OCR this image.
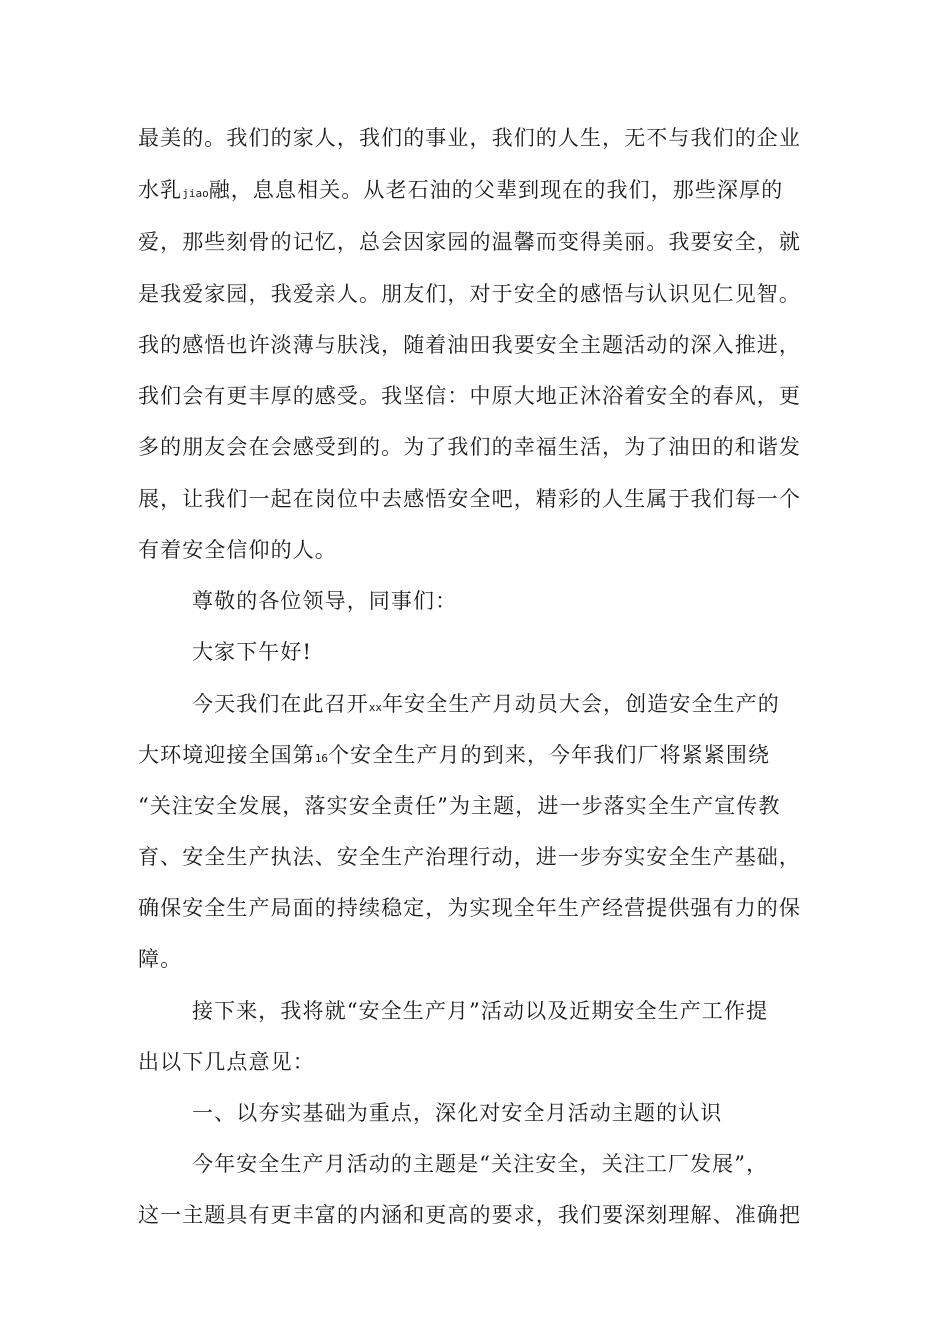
最美的。我们的家人，我们的事业，我们的人生，无不与我们的企业
水乳jiao融，息息相关。从老石油的父辈到现在的我们，那些深厚的
爱，那些刻骨的记忆，总会因家园的温馨而变得美丽。我要安全，就
是我爱家园，我爱亲人。朋友们，对于安全的感悟与认识见仁见智。
我的感悟也许淡薄与肤浅，随着油田我要安全主题活动的深入推进，
我们会有更丰厚的感受。我坚信：中原大地正沐浴着安全的春风，更
多的朋友会在会感受到的。为了我们的幸福生活，为了油田的和谐发
展，让我们一起在岗位中去感悟安全吧，精彩的人生属于我们每一个
有着安全信仰的人。
尊敬的各位领导，同事们：
大家下午好!
今天我们在此召开xx年安全生产月动员大会，创造安全生产的
大环境迎接全国第16个安全生产月的到来，今年我们厂将紧紧围绕
“关注安全发展，落实安全责任”为主题，进一步落实全生产宣传教
育、安全生产执法、安全生产治理行动，进一步夯实安全生产基础，
确保安全生产局面的持续稳定，为实现全年生产经营提供强有力的保
障。
接下来，我将就“安全生产月”活动以及近期安全生产工作提
出以下几点意见：
一、以夯实基础为重点，深化对安全月活动主题的认识
今年安全生产月活动的主题是“关注安全，关注工厂发展”，
这一主题具有更丰富的内涵和更高的要求，我们要深刻理解、准确把
